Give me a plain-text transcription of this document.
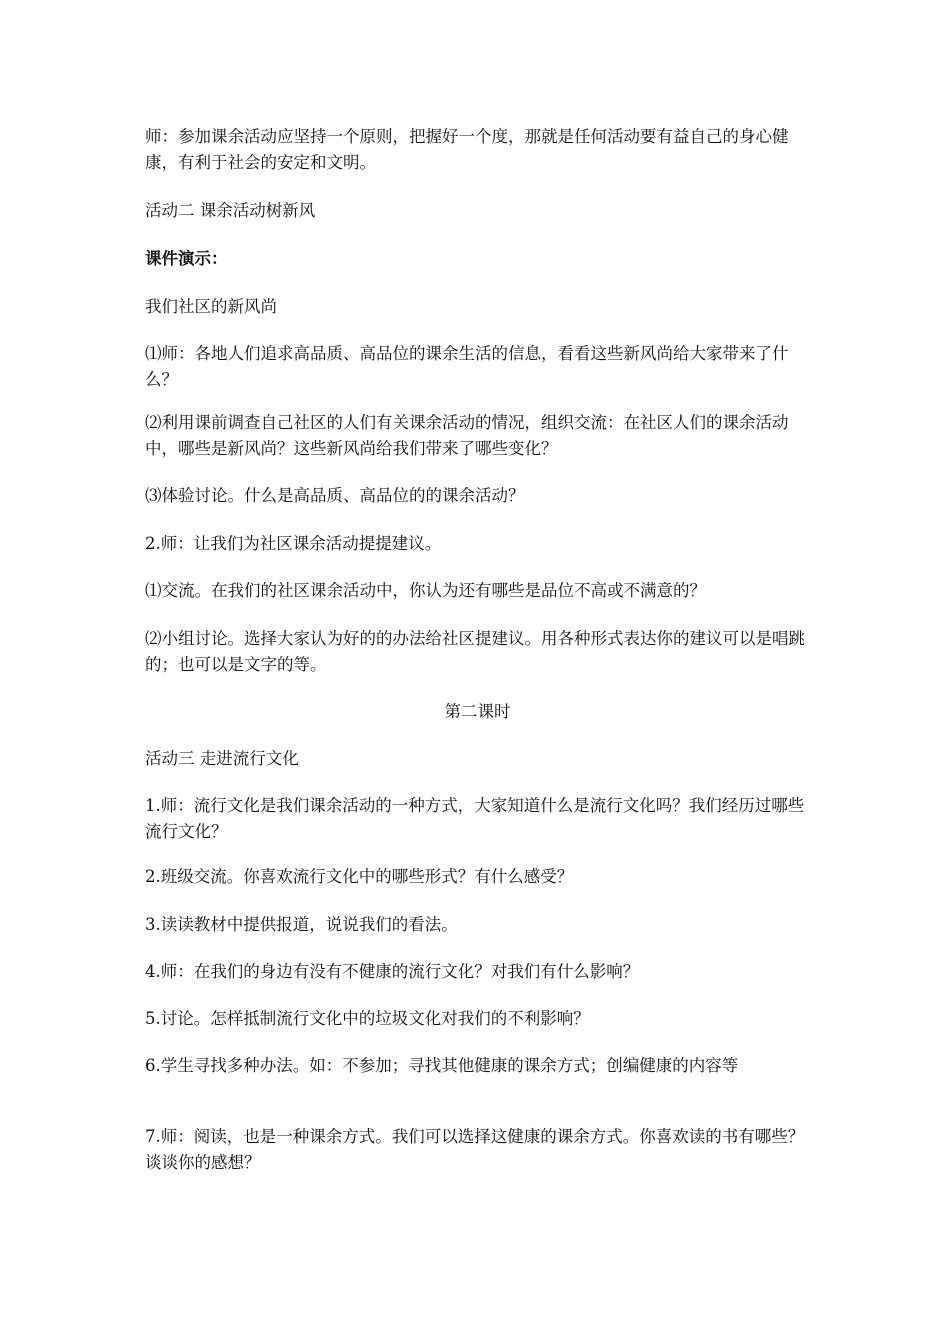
师：参加课余活动应坚持一个原则，把握好一个度，那就是任何活动要有益自己的身心健康，有利于社会的安定和文明。

活动二 课余活动树新风

课件演示：

我们社区的新风尚

⑴师：各地人们追求高品质、高品位的课余生活的信息，看看这些新风尚给大家带来了什么？

⑵利用课前调查自己社区的人们有关课余活动的情况，组织交流：在社区人们的课余活动中，哪些是新风尚？这些新风尚给我们带来了哪些变化？

⑶体验讨论。什么是高品质、高品位的的课余活动？

2.师：让我们为社区课余活动提提建议。

⑴交流。在我们的社区课余活动中，你认为还有哪些是品位不高或不满意的？

⑵小组讨论。选择大家认为好的的办法给社区提建议。用各种形式表达你的建议可以是唱跳的；也可以是文字的等。

第二课时

活动三 走进流行文化

1.师：流行文化是我们课余活动的一种方式，大家知道什么是流行文化吗？我们经历过哪些流行文化？

2.班级交流。你喜欢流行文化中的哪些形式？有什么感受？

3.读读教材中提供报道，说说我们的看法。

4.师：在我们的身边有没有不健康的流行文化？对我们有什么影响？

5.讨论。怎样抵制流行文化中的垃圾文化对我们的不利影响？

6.学生寻找多种办法。如：不参加；寻找其他健康的课余方式；创编健康的内容等

7.师：阅读，也是一种课余方式。我们可以选择这健康的课余方式。你喜欢读的书有哪些？谈谈你的感想？
